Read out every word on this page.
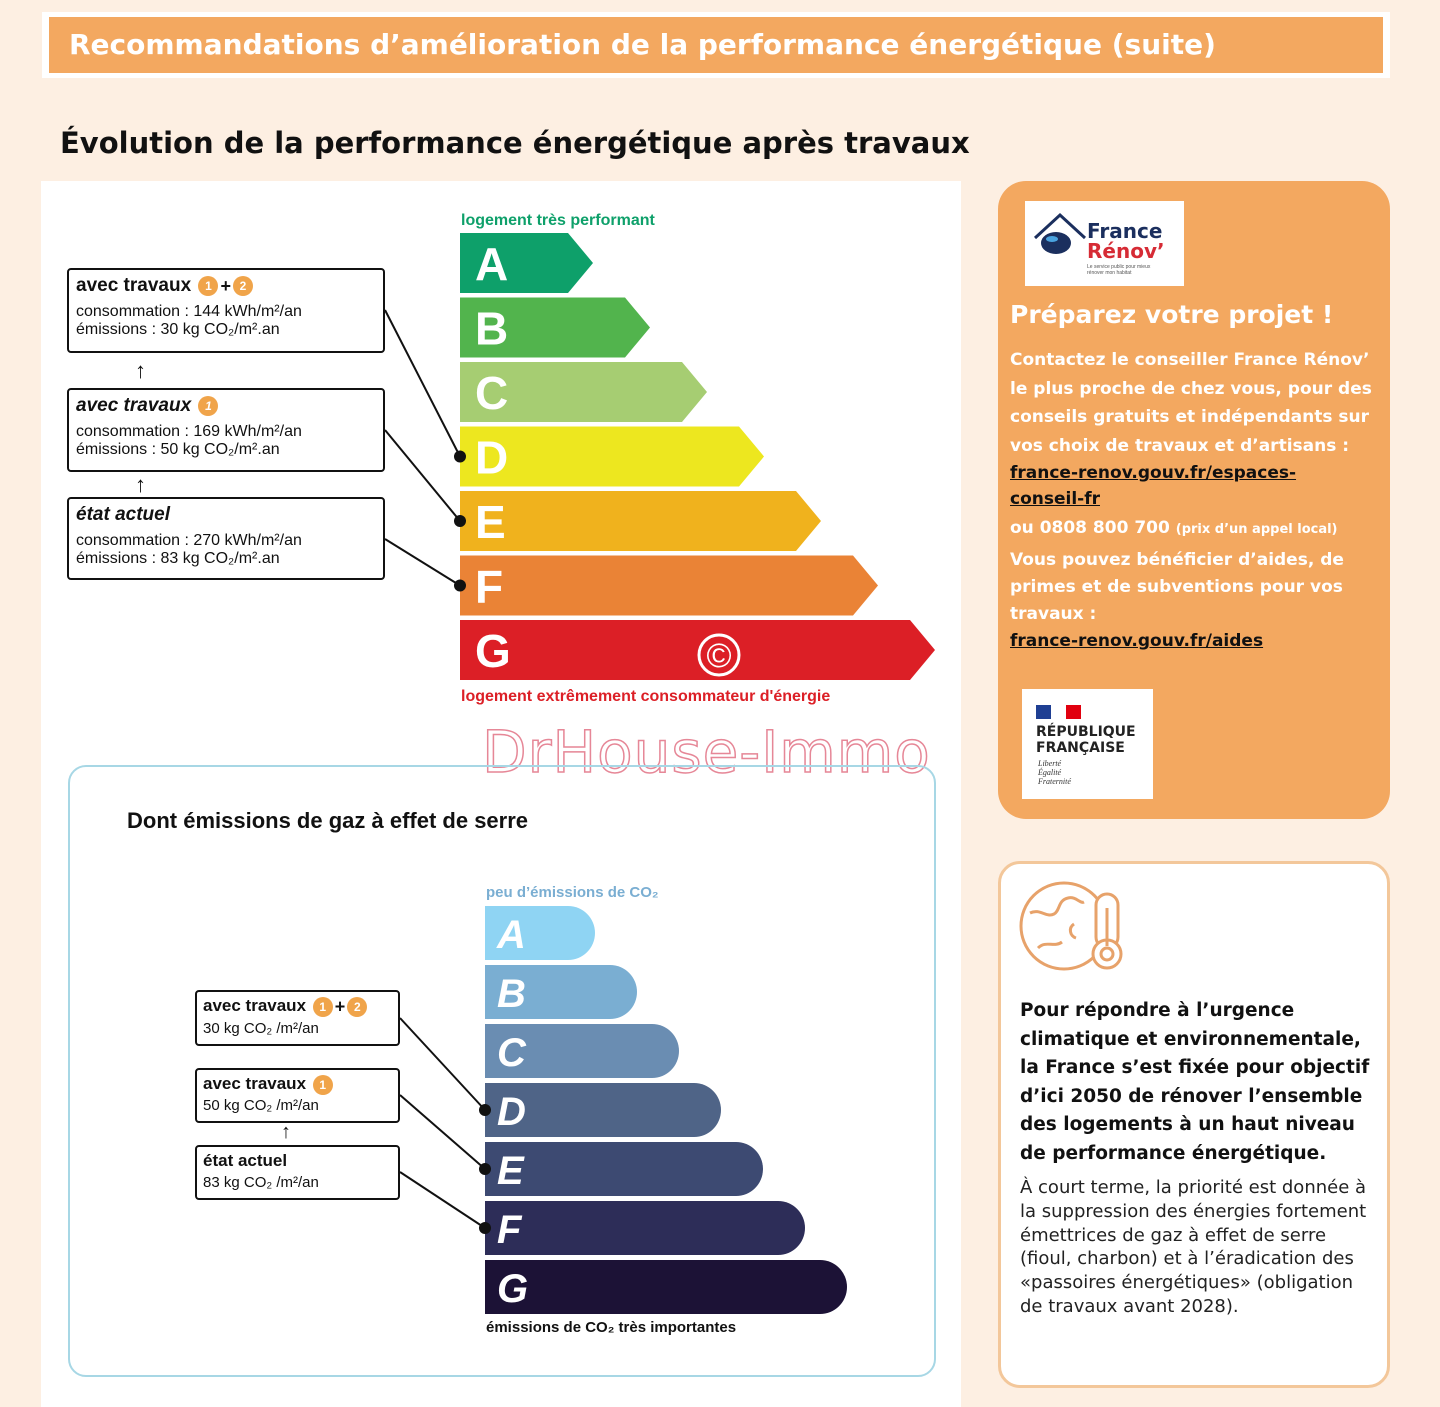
Recommandations d’amélioration de la performance énergétique (suite)
Évolution de la performance énergétique après travaux
logement très performant
A
B
C
D
E
F
G
logement extrêmement consommateur d'énergie
©
avec travaux 1 + 2
consommation : 144 kWh/m²/an
émissions : 30 kg CO₂/m².an
↑
avec travaux 1
consommation : 169 kWh/m²/an
émissions : 50 kg CO₂/m².an
↑
état actuel
consommation : 270 kWh/m²/an
émissions : 83 kg CO₂/m².an
DrHouse-Immo
Dont émissions de gaz à effet de serre
peu d’émissions de CO₂
A
B
C
D
E
F
G
émissions de CO₂ très importantes
avec travaux 1 + 2
30 kg CO₂ /m²/an
avec travaux 1
50 kg CO₂ /m²/an
↑
état actuel
83 kg CO₂ /m²/an
France
Rénov’
Le service public pour mieux rénover mon habitat
Préparez votre projet !

Contactez le conseiller France Rénov’ le plus proche de chez vous, pour des conseils gratuits et indépendants sur vos choix de travaux et d’artisans :
france-renov.gouv.fr/espaces-conseil-fr

ou 0808 800 700 (prix d’un appel local)

Vous pouvez bénéficier d’aides, de primes et de subventions pour vos travaux :
france-renov.gouv.fr/aides

RÉPUBLIQUE
FRANÇAISE
Liberté
Égalité
Fraternité

Pour répondre à l’urgence climatique et environnementale, la France s’est fixée pour objectif d’ici 2050 de rénover l’ensemble des logements à un haut niveau de performance énergétique.

À court terme, la priorité est donnée à la suppression des énergies fortement émettrices de gaz à effet de serre (fioul, charbon) et à l’éradication des «passoires énergétiques» (obligation de travaux avant 2028).
